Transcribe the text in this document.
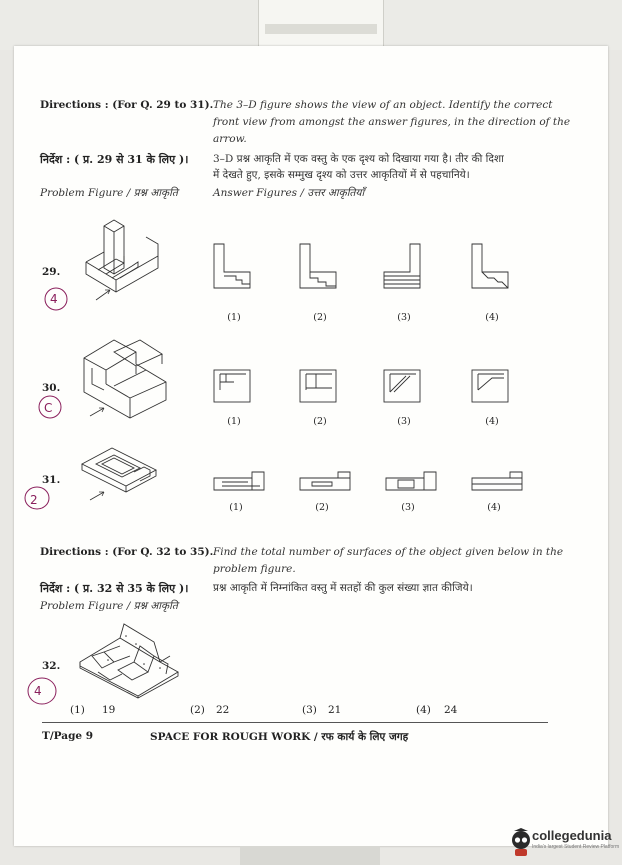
Directions : (For Q. 29 to 31). The 3–D figure shows the view of an object. Identify the correct
front view from amongst the answer figures, in the direction of the
arrow.
निर्देश : ( प्र. 29 से 31 के लिए )। 3–D प्रश्न आकृति में एक वस्तु के एक दृश्य को दिखाया गया है। तीर की दिशा
में देखते हुए, इसके सम्मुख दृश्य को उत्तर आकृतियों में से पहचानिये।
Problem Figure / प्रश्न आकृति	Answer Figures / उत्तर आकृतियाँ
29.
4
(1)	(2)	(3)	(4)
30.
C
(1)	(2)	(3)	(4)
31.
2
(1)	(2)	(3)	(4)
Directions : (For Q. 32 to 35). Find the total number of surfaces of the object given below in the
problem figure.
निर्देश : ( प्र. 32 से 35 के लिए )। प्रश्न आकृति में निम्नांकित वस्तु में सतहों की कुल संख्या ज्ञात कीजिये।
Problem Figure / प्रश्न आकृति
32.
4
(1) 19	(2) 22	(3) 21	(4) 24
T/Page 9	SPACE FOR ROUGH WORK / रफ कार्य के लिए जगह
collegedunia
India's largest Student Review Platform
